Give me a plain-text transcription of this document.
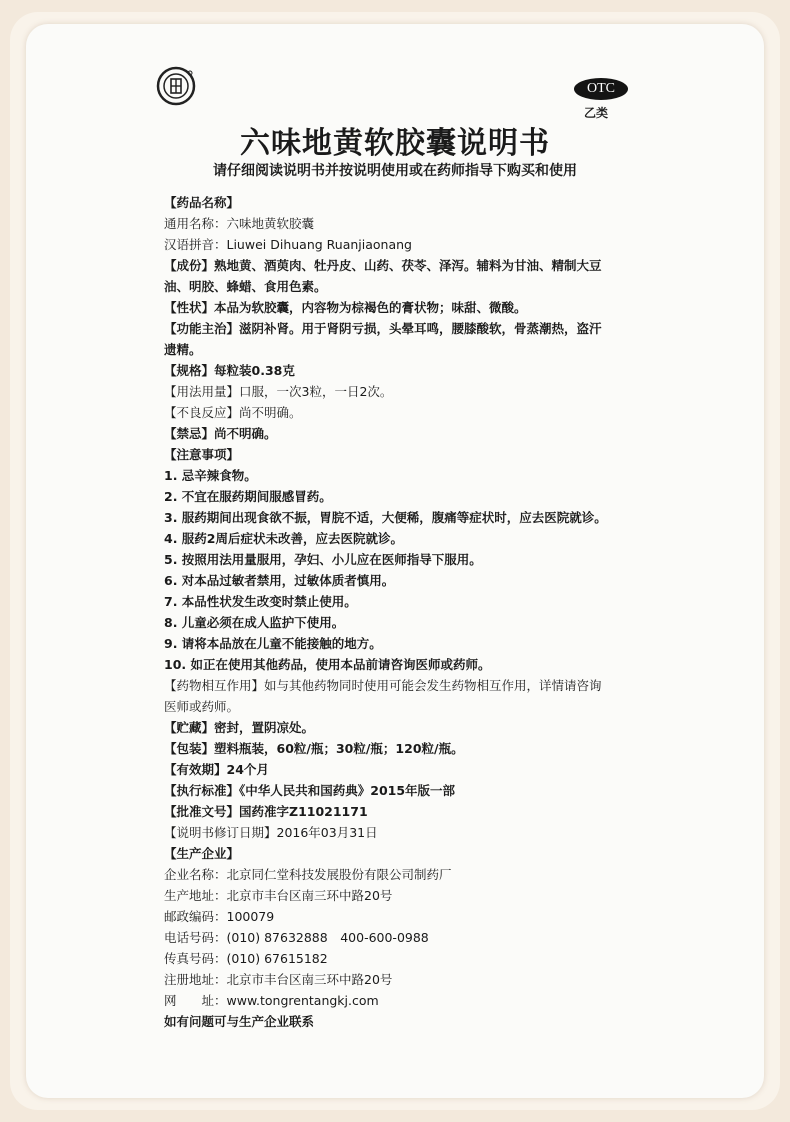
OTC
乙类
六味地黄软胶囊说明书
请仔细阅读说明书并按说明使用或在药师指导下购买和使用
【药品名称】
通用名称：六味地黄软胶囊
汉语拼音：Liuwei Dihuang Ruanjiaonang
【成份】熟地黄、酒萸肉、牡丹皮、山药、茯苓、泽泻。辅料为甘油、精制大豆
油、明胶、蜂蜡、食用色素。
【性状】本品为软胶囊，内容物为棕褐色的膏状物；味甜、微酸。
【功能主治】滋阴补肾。用于肾阴亏损，头晕耳鸣，腰膝酸软，骨蒸潮热，盗汗
遗精。
【规格】每粒装0.38克
【用法用量】口服，一次3粒，一日2次。
【不良反应】尚不明确。
【禁忌】尚不明确。
【注意事项】
1. 忌辛辣食物。
2. 不宜在服药期间服感冒药。
3. 服药期间出现食欲不振，胃脘不适，大便稀，腹痛等症状时，应去医院就诊。
4. 服药2周后症状未改善，应去医院就诊。
5. 按照用法用量服用，孕妇、小儿应在医师指导下服用。
6. 对本品过敏者禁用，过敏体质者慎用。
7. 本品性状发生改变时禁止使用。
8. 儿童必须在成人监护下使用。
9. 请将本品放在儿童不能接触的地方。
10. 如正在使用其他药品，使用本品前请咨询医师或药师。
【药物相互作用】如与其他药物同时使用可能会发生药物相互作用，详情请咨询
医师或药师。
【贮藏】密封，置阴凉处。
【包装】塑料瓶装，60粒/瓶；30粒/瓶；120粒/瓶。
【有效期】24个月
【执行标准】《中华人民共和国药典》2015年版一部
【批准文号】国药准字Z11021171
【说明书修订日期】2016年03月31日
【生产企业】
企业名称：北京同仁堂科技发展股份有限公司制药厂
生产地址：北京市丰台区南三环中路20号
邮政编码：100079
电话号码：(010) 87632888　400-600-0988
传真号码：(010) 67615182
注册地址：北京市丰台区南三环中路20号
网　　址：www.tongrentangkj.com
如有问题可与生产企业联系
